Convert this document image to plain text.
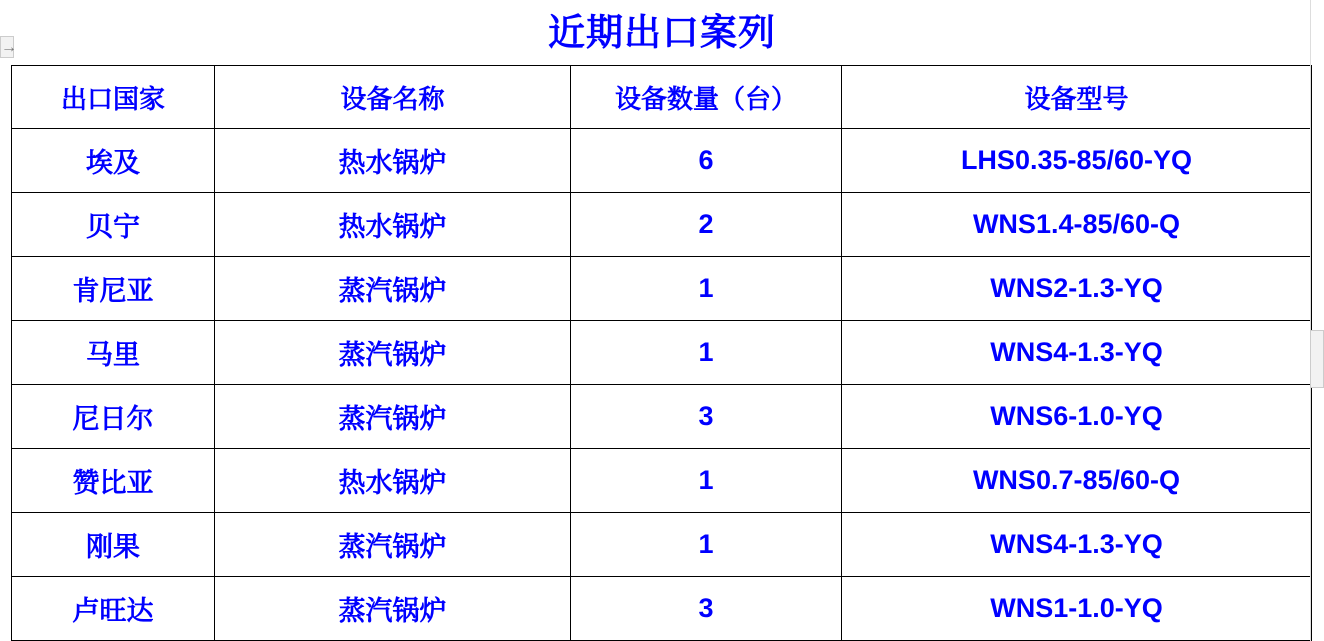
近期出口案列
出口国家	设备名称	设备数量（台）	设备型号
埃及	热水锅炉	6	LHS0.35-85/60-YQ
贝宁	热水锅炉	2	WNS1.4-85/60-Q
肯尼亚	蒸汽锅炉	1	WNS2-1.3-YQ
马里	蒸汽锅炉	1	WNS4-1.3-YQ
尼日尔	蒸汽锅炉	3	WNS6-1.0-YQ
赞比亚	热水锅炉	1	WNS0.7-85/60-Q
刚果	蒸汽锅炉	1	WNS4-1.3-YQ
卢旺达	蒸汽锅炉	3	WNS1-1.0-YQ
→
